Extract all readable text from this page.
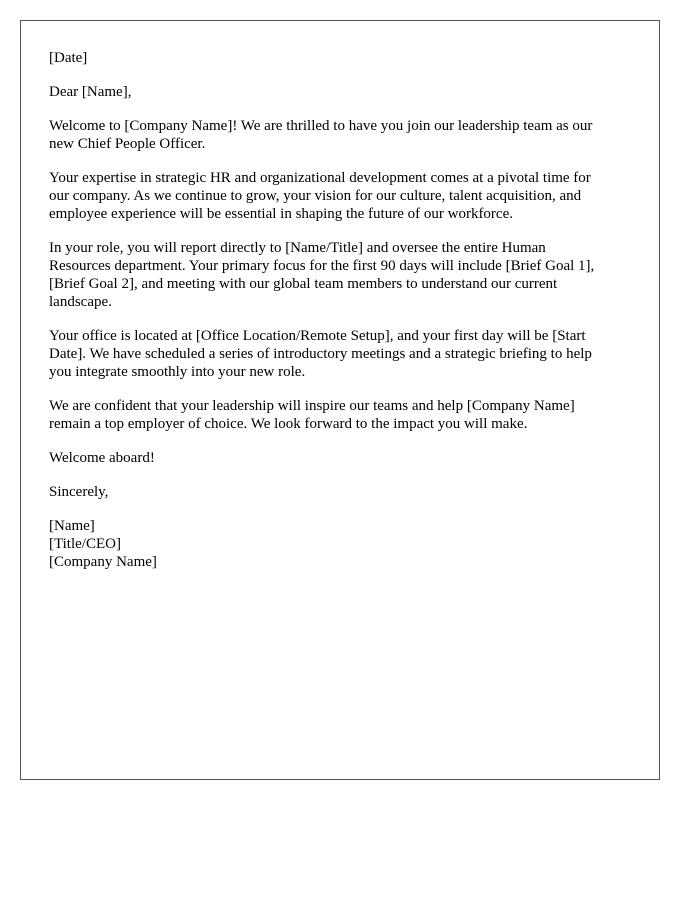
[Date]

Dear [Name],

Welcome to [Company Name]! We are thrilled to have you join our leadership team as our
new Chief People Officer.

Your expertise in strategic HR and organizational development comes at a pivotal time for
our company. As we continue to grow, your vision for our culture, talent acquisition, and
employee experience will be essential in shaping the future of our workforce.

In your role, you will report directly to [Name/Title] and oversee the entire Human
Resources department. Your primary focus for the first 90 days will include [Brief Goal 1],
[Brief Goal 2], and meeting with our global team members to understand our current
landscape.

Your office is located at [Office Location/Remote Setup], and your first day will be [Start
Date]. We have scheduled a series of introductory meetings and a strategic briefing to help
you integrate smoothly into your new role.

We are confident that your leadership will inspire our teams and help [Company Name]
remain a top employer of choice. We look forward to the impact you will make.

Welcome aboard!

Sincerely,

[Name]
[Title/CEO]
[Company Name]
